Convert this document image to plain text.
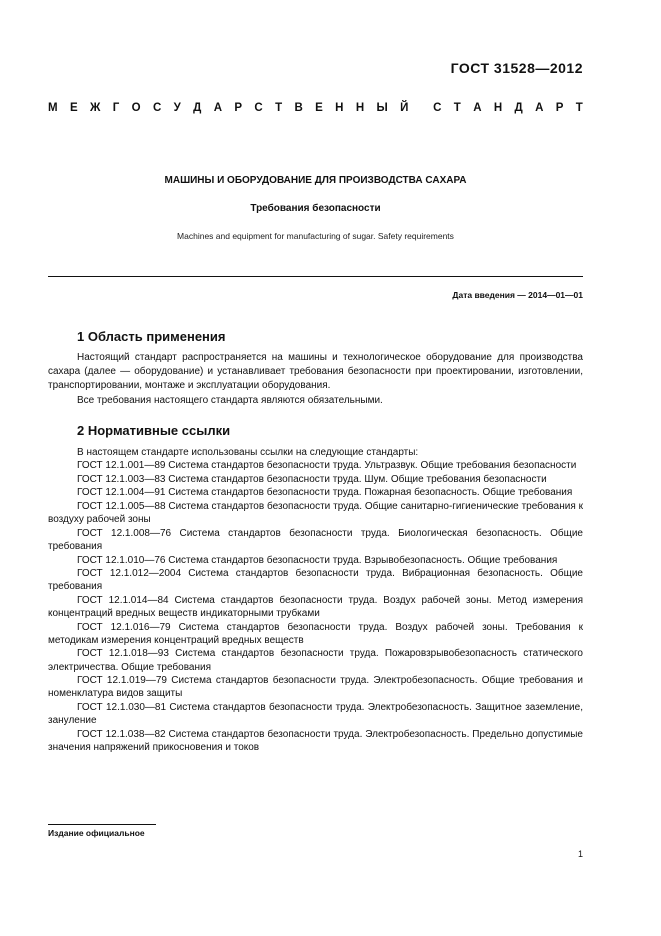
ГОСТ 31528—2012
М Е Ж Г О С У Д А Р С Т В Е Н Н Ы Й С Т А Н Д А Р Т
МАШИНЫ И ОБОРУДОВАНИЕ ДЛЯ ПРОИЗВОДСТВА САХАРА
Требования безопасности
Machines and equipment for manufacturing of sugar. Safety requirements
Дата введения — 2014—01—01
1 Область применения

Настоящий стандарт распространяется на машины и технологическое оборудование для производства сахара (далее — оборудование) и устанавливает требования безопасности при проектировании, изготовлении, транспортировании, монтаже и эксплуатации оборудования.

Все требования настоящего стандарта являются обязательными.

2 Нормативные ссылки

В настоящем стандарте использованы ссылки на следующие стандарты:

ГОСТ 12.1.001—89 Система стандартов безопасности труда. Ультразвук. Общие требования безопасности

ГОСТ 12.1.003—83 Система стандартов безопасности труда. Шум. Общие требования безопасности

ГОСТ 12.1.004—91 Система стандартов безопасности труда. Пожарная безопасность. Общие требования

ГОСТ 12.1.005—88 Система стандартов безопасности труда. Общие санитарно-гигиенические требования к воздуху рабочей зоны

ГОСТ 12.1.008—76 Система стандартов безопасности труда. Биологическая безопасность. Общие требования

ГОСТ 12.1.010—76 Система стандартов безопасности труда. Взрывобезопасность. Общие требования

ГОСТ 12.1.012—2004 Система стандартов безопасности труда. Вибрационная безопасность. Общие требования

ГОСТ 12.1.014—84 Система стандартов безопасности труда. Воздух рабочей зоны. Метод измерения концентраций вредных веществ индикаторными трубками

ГОСТ 12.1.016—79 Система стандартов безопасности труда. Воздух рабочей зоны. Требования к методикам измерения концентраций вредных веществ

ГОСТ 12.1.018—93 Система стандартов безопасности труда. Пожаровзрывобезопасность статического электричества. Общие требования

ГОСТ 12.1.019—79 Система стандартов безопасности труда. Электробезопасность. Общие требования и номенклатура видов защиты

ГОСТ 12.1.030—81 Система стандартов безопасности труда. Электробезопасность. Защитное заземление, зануление

ГОСТ 12.1.038—82 Система стандартов безопасности труда. Электробезопасность. Предельно допустимые значения напряжений прикосновения и токов

Издание официальное
1
